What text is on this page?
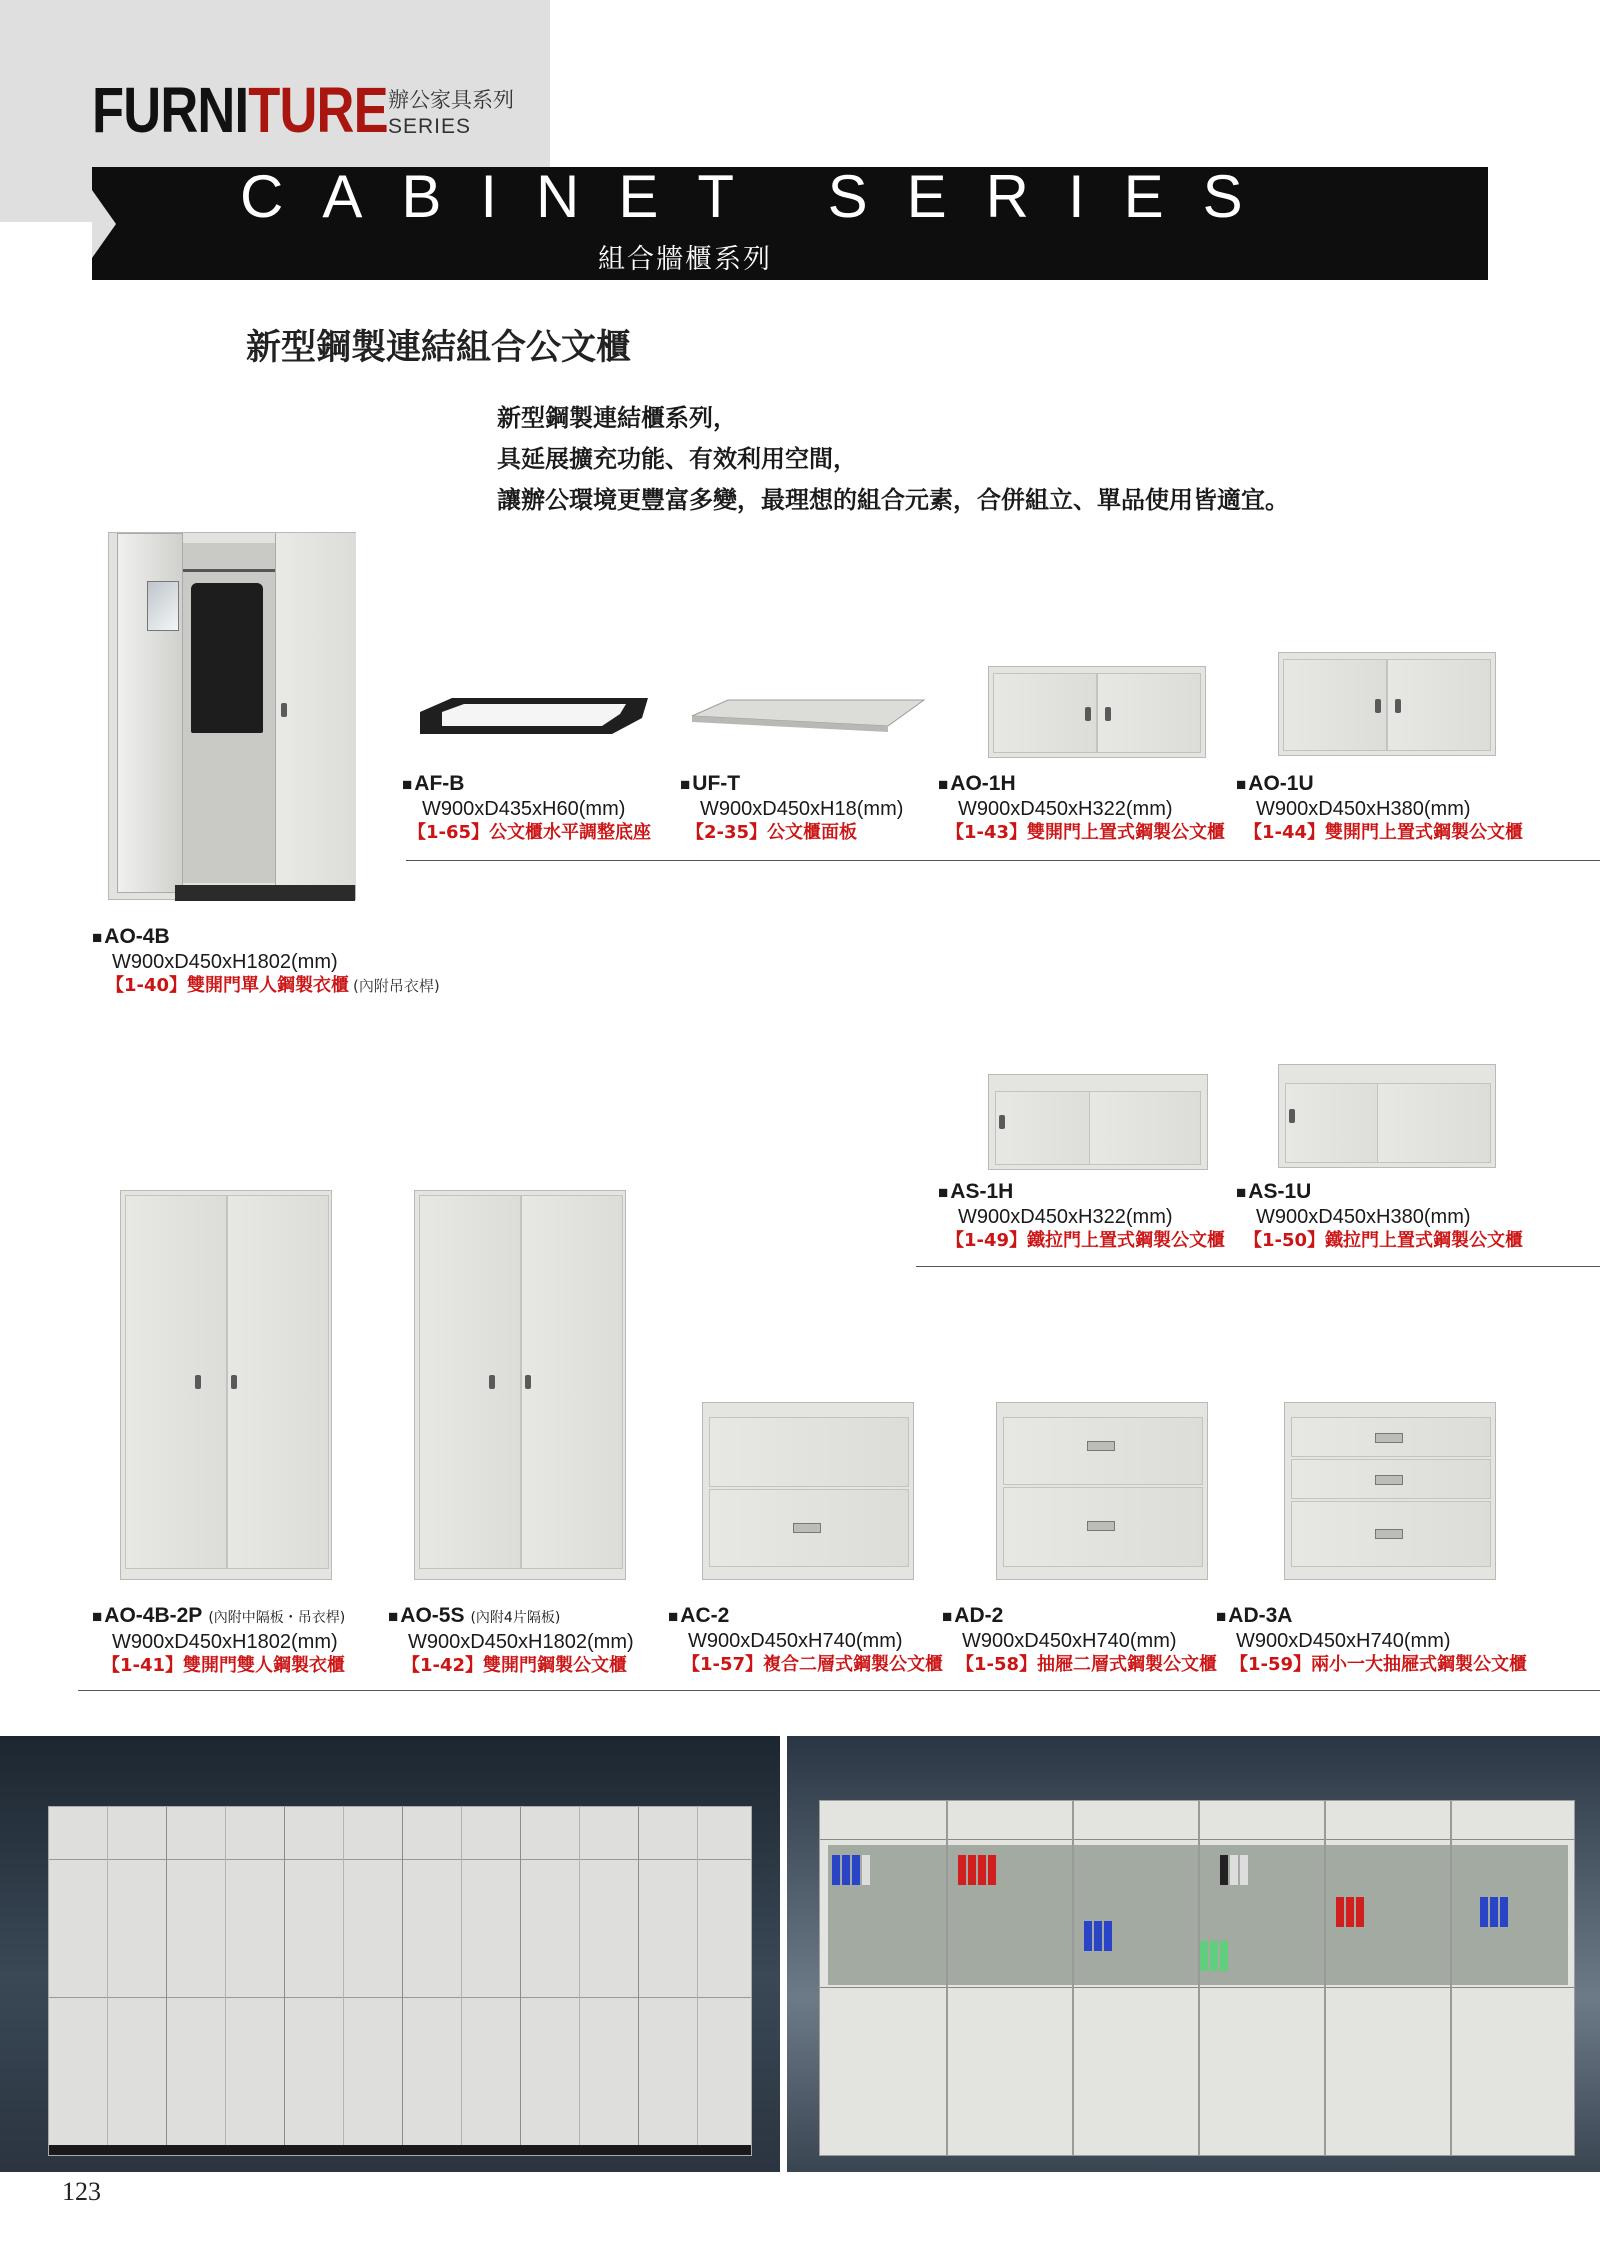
FURNITURE 辦公家具系列
SERIES
CABINET SERIES
組合牆櫃系列
新型鋼製連結組合公文櫃
新型鋼製連結櫃系列，
具延展擴充功能、有效利用空間，
讓辦公環境更豐富多變，最理想的組合元素，合併組立、單品使用皆適宜。
■ AF-B
W900xD435xH60(mm)
【1-65】公文櫃水平調整底座
■ UF-T
W900xD450xH18(mm)
【2-35】公文櫃面板
■ AO-1H
W900xD450xH322(mm)
【1-43】雙開門上置式鋼製公文櫃
■ AO-1U
W900xD450xH380(mm)
【1-44】雙開門上置式鋼製公文櫃
■ AO-4B
W900xD450xH1802(mm)
【1-40】雙開門單人鋼製衣櫃 (內附吊衣桿)
■ AS-1H
W900xD450xH322(mm)
【1-49】鐵拉門上置式鋼製公文櫃
■ AS-1U
W900xD450xH380(mm)
【1-50】鐵拉門上置式鋼製公文櫃
■ AO-4B-2P (內附中隔板・吊衣桿)
W900xD450xH1802(mm)
【1-41】雙開門雙人鋼製衣櫃
■ AO-5S (內附4片隔板)
W900xD450xH1802(mm)
【1-42】雙開門鋼製公文櫃
■ AC-2
W900xD450xH740(mm)
【1-57】複合二層式鋼製公文櫃
■ AD-2
W900xD450xH740(mm)
【1-58】抽屜二層式鋼製公文櫃
■ AD-3A
W900xD450xH740(mm)
【1-59】兩小一大抽屜式鋼製公文櫃
123
